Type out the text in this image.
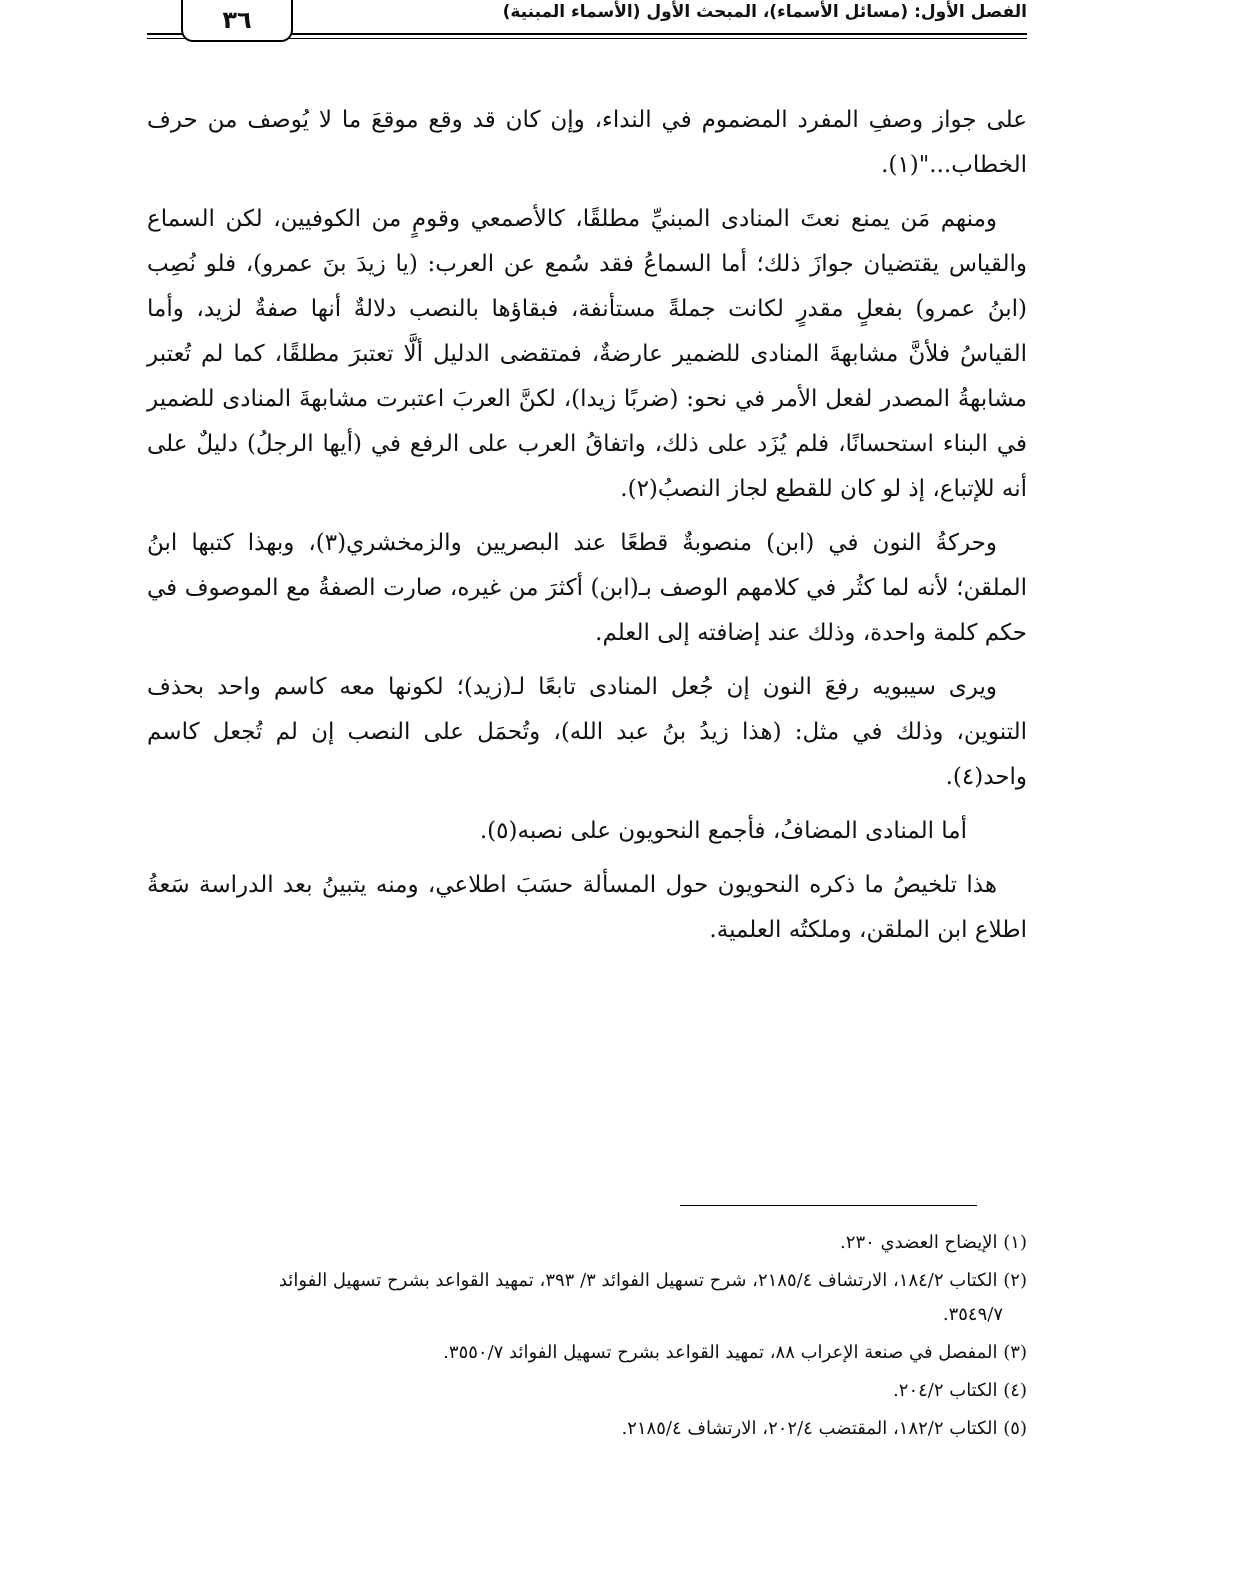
٣٦	الفصل الأول: (مسائل الأسماء)، المبحث الأول (الأسماء المبنية)

على جواز وصفِ المفرد المضموم في النداء، وإن كان قد وقع موقعَ ما لا يُوصف من حرف الخطاب..."(١).

ومنهم مَن يمنع نعتَ المنادى المبنيِّ مطلقًا، كالأصمعي وقومٍ من الكوفيين، لكن السماع والقياس يقتضيان جوازَ ذلك؛ أما السماعُ فقد سُمع عن العرب: (يا زيدَ بنَ عمرو)، فلو نُصِب (ابنُ عمرو) بفعلٍ مقدرٍ لكانت جملةً مستأنفة، فبقاؤها بالنصب دلالةٌ أنها صفةٌ لزيد، وأما القياسُ فلأنَّ مشابهةَ المنادى للضمير عارضةٌ، فمتقضى الدليل ألَّا تعتبرَ مطلقًا، كما لم تُعتبر مشابهةُ المصدر لفعل الأمر في نحو: (ضربًا زيدا)، لكنَّ العربَ اعتبرت مشابهةَ المنادى للضمير في البناء استحسانًا، فلم يُزَد على ذلك، واتفاقُ العرب على الرفع في (أيها الرجلُ) دليلٌ على أنه للإتباع، إذ لو كان للقطع لجاز النصبُ(٢).

وحركةُ النون في (ابن) منصوبةٌ قطعًا عند البصريين والزمخشري(٣)، وبهذا كتبها ابنُ الملقن؛ لأنه لما كثُر في كلامهم الوصف بـ(ابن) أكثرَ من غيره، صارت الصفةُ مع الموصوف في حكم كلمة واحدة، وذلك عند إضافته إلى العلم.

ويرى سيبويه رفعَ النون إن جُعل المنادى تابعًا لـ(زيد)؛ لكونها معه كاسم واحد بحذف التنوين، وذلك في مثل: (هذا زيدُ بنُ عبد الله)، وتُحمَل على النصب إن لم تُجعل كاسم واحد(٤).

أما المنادى المضافُ، فأجمع النحويون على نصبه(٥).

هذا تلخيصُ ما ذكره النحويون حول المسألة حسَبَ اطلاعي، ومنه يتبينُ بعد الدراسة سَعةُ اطلاع ابن الملقن، وملكتُه العلمية.

(١) الإيضاح العضدي ٢٣٠.

(٢) الكتاب ١٨٤/٢، الارتشاف ٢١٨٥/٤، شرح تسهيل الفوائد ٣/ ٣٩٣، تمهيد القواعد بشرح تسهيل الفوائد

٣٥٤٩/٧.

(٣) المفصل في صنعة الإعراب ٨٨، تمهيد القواعد بشرح تسهيل الفوائد ٣٥٥٠/٧.

(٤) الكتاب ٢٠٤/٢.

(٥) الكتاب ١٨٢/٢، المقتضب ٢٠٢/٤، الارتشاف ٢١٨٥/٤.
